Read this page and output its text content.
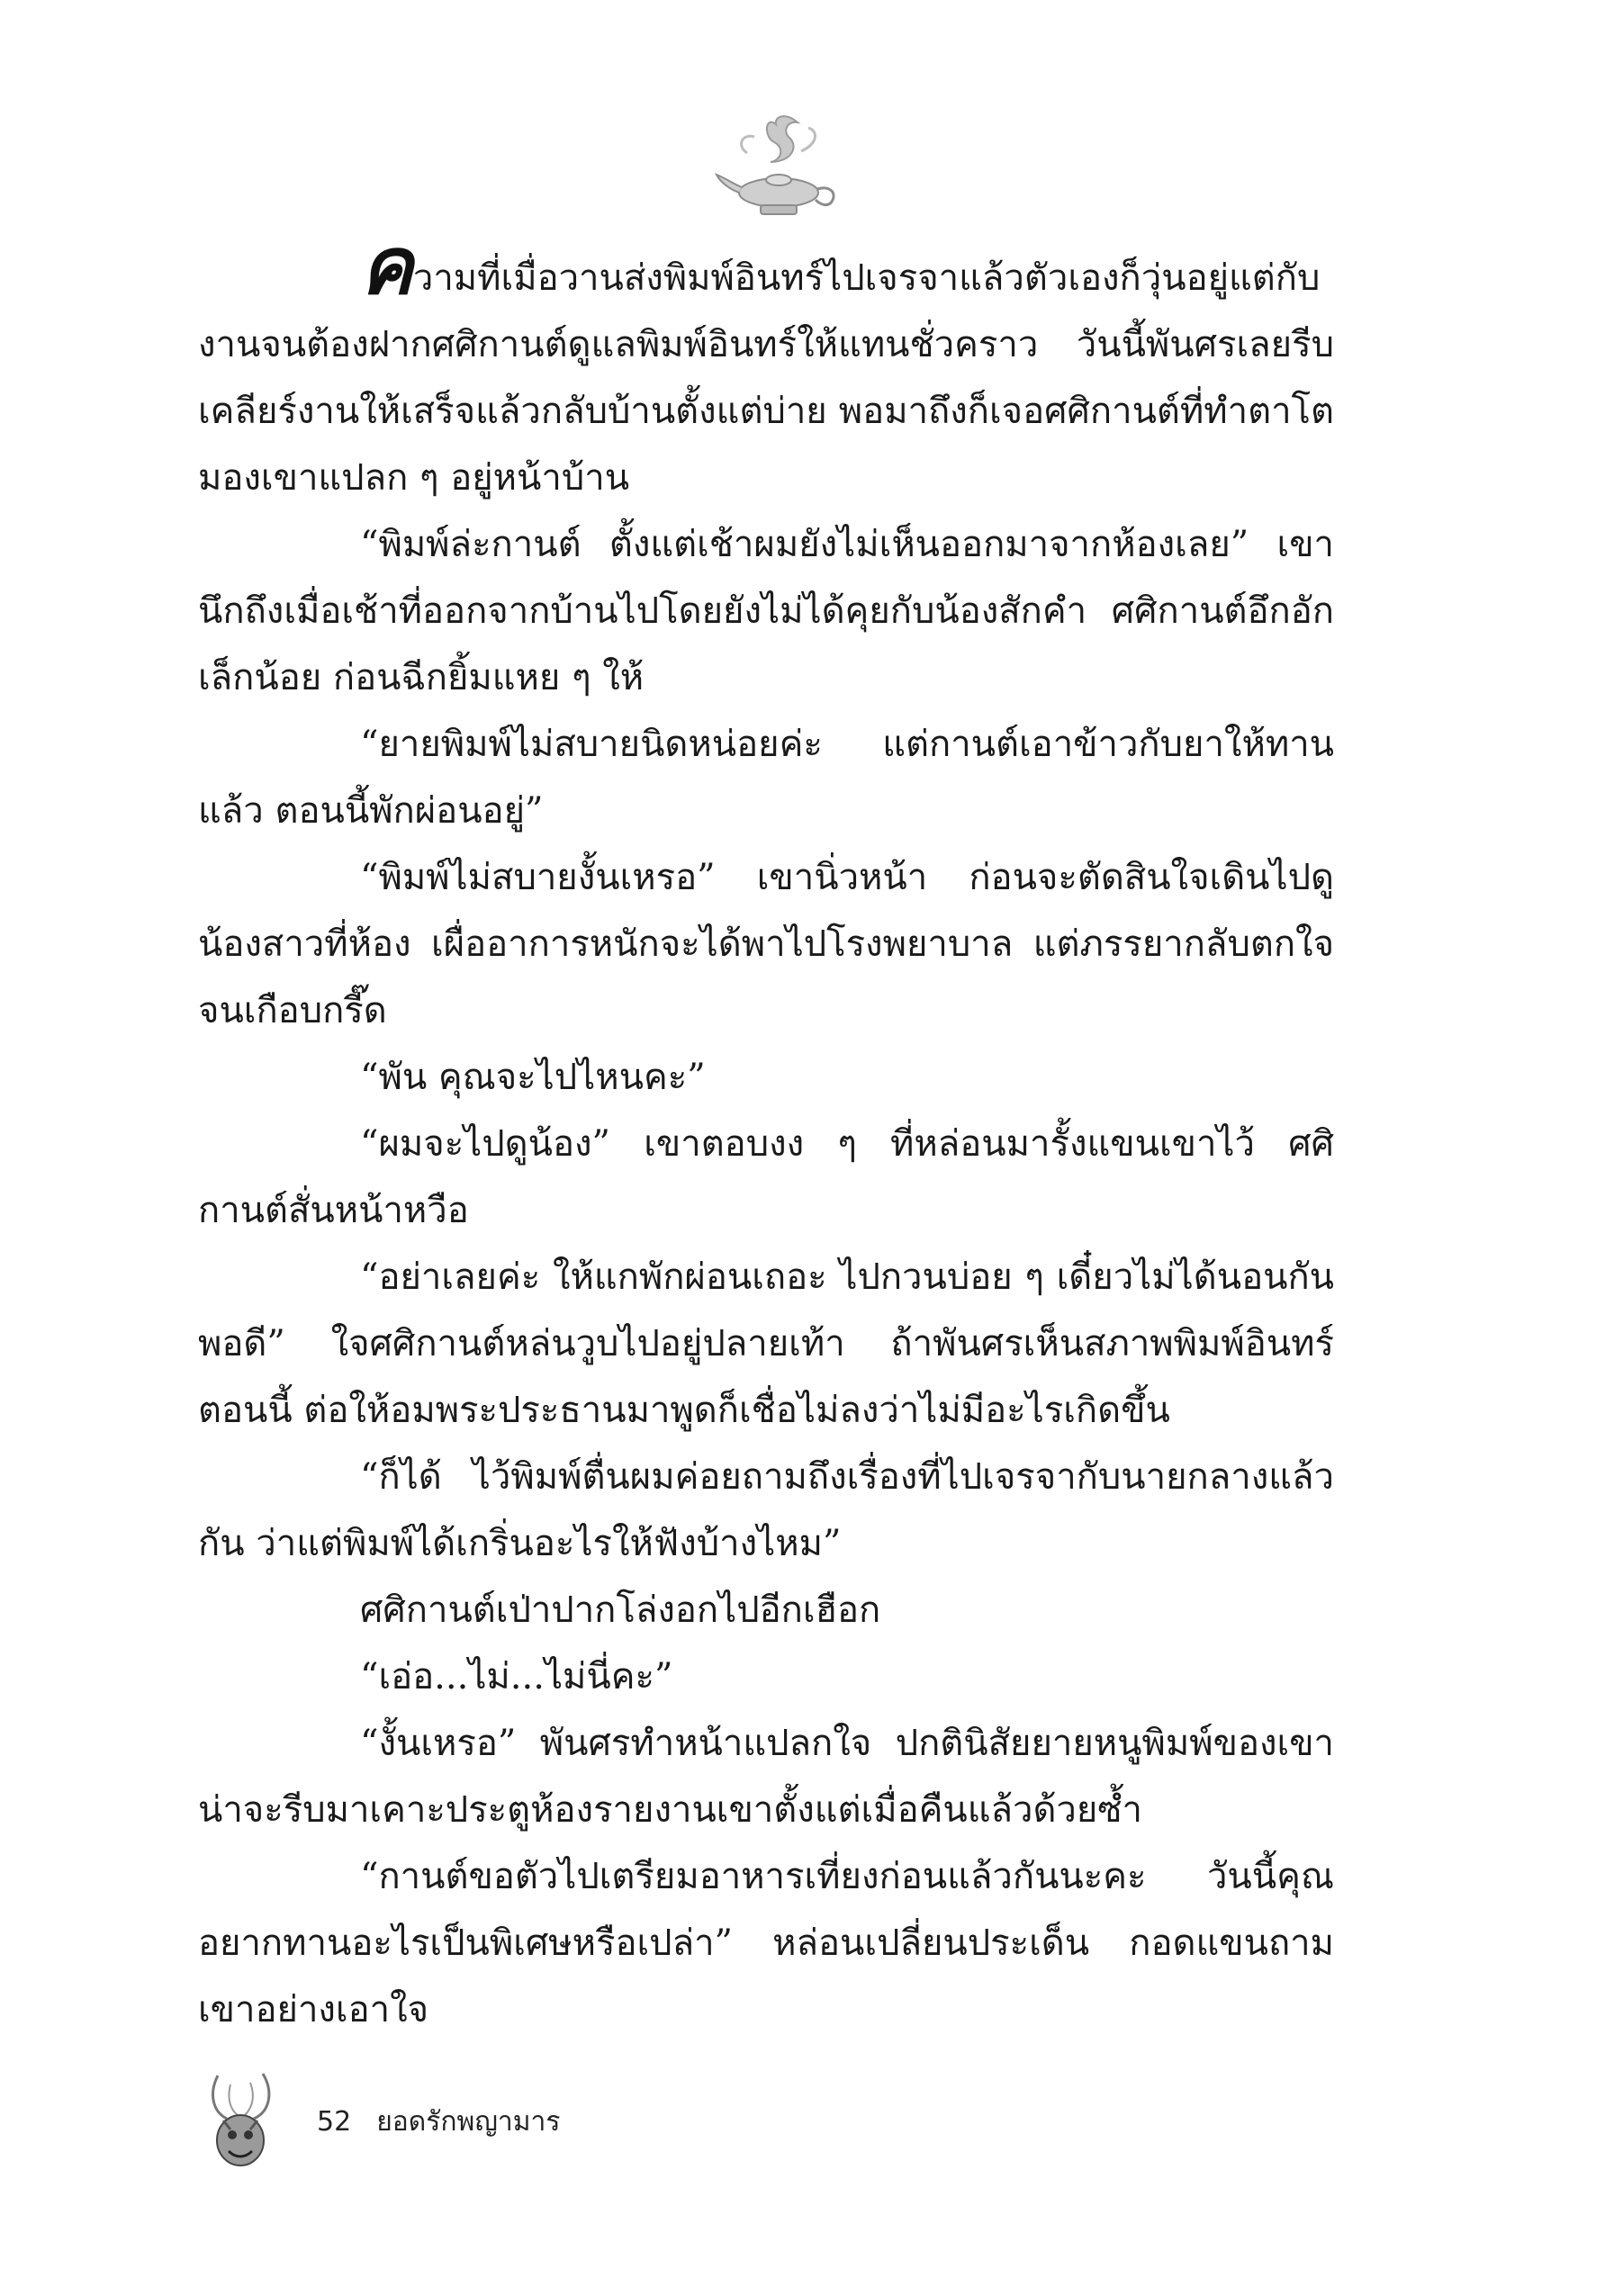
ความที่เมื่อวานส่งพิมพ์อินทร์ไปเจรจาแล้วตัวเองก็วุ่นอยู่แต่กับงานจนต้องฝากศศิกานต์ดูแลพิมพ์อินทร์ให้แทนชั่วคราว วันนี้พันศรเลยรีบเคลียร์งานให้เสร็จแล้วกลับบ้านตั้งแต่บ่าย พอมาถึงก็เจอศศิกานต์ที่ทำตาโตมองเขาแปลก ๆ อยู่หน้าบ้าน

“พิมพ์ล่ะกานต์ ตั้งแต่เช้าผมยังไม่เห็นออกมาจากห้องเลย” เขานึกถึงเมื่อเช้าที่ออกจากบ้านไปโดยยังไม่ได้คุยกับน้องสักคำ ศศิกานต์อึกอักเล็กน้อย ก่อนฉีกยิ้มแหย ๆ ให้

“ยายพิมพ์ไม่สบายนิดหน่อยค่ะ แต่กานต์เอาข้าวกับยาให้ทานแล้ว ตอนนี้พักผ่อนอยู่”

“พิมพ์ไม่สบายงั้นเหรอ” เขานิ่วหน้า ก่อนจะตัดสินใจเดินไปดูน้องสาวที่ห้อง เผื่ออาการหนักจะได้พาไปโรงพยาบาล แต่ภรรยากลับตกใจจนเกือบกรี๊ด

“พัน คุณจะไปไหนคะ”

“ผมจะไปดูน้อง” เขาตอบงง ๆ ที่หล่อนมารั้งแขนเขาไว้ ศศิกานต์สั่นหน้าหวือ

“อย่าเลยค่ะ ให้แกพักผ่อนเถอะ ไปกวนบ่อย ๆ เดี๋ยวไม่ได้นอนกันพอดี” ใจศศิกานต์หล่นวูบไปอยู่ปลายเท้า ถ้าพันศรเห็นสภาพพิมพ์อินทร์ตอนนี้ ต่อให้อมพระประธานมาพูดก็เชื่อไม่ลงว่าไม่มีอะไรเกิดขึ้น

“ก็ได้ ไว้พิมพ์ตื่นผมค่อยถามถึงเรื่องที่ไปเจรจากับนายกลางแล้วกัน ว่าแต่พิมพ์ได้เกริ่นอะไรให้ฟังบ้างไหม”

ศศิกานต์เป่าปากโล่งอกไปอีกเฮือก

“เอ่อ...ไม่...ไม่นี่คะ”

“งั้นเหรอ” พันศรทำหน้าแปลกใจ ปกตินิสัยยายหนูพิมพ์ของเขาน่าจะรีบมาเคาะประตูห้องรายงานเขาตั้งแต่เมื่อคืนแล้วด้วยซ้ำ

“กานต์ขอตัวไปเตรียมอาหารเที่ยงก่อนแล้วกันนะคะ วันนี้คุณอยากทานอะไรเป็นพิเศษหรือเปล่า” หล่อนเปลี่ยนประเด็น กอดแขนถามเขาอย่างเอาใจ

52 ยอดรักพญามาร
